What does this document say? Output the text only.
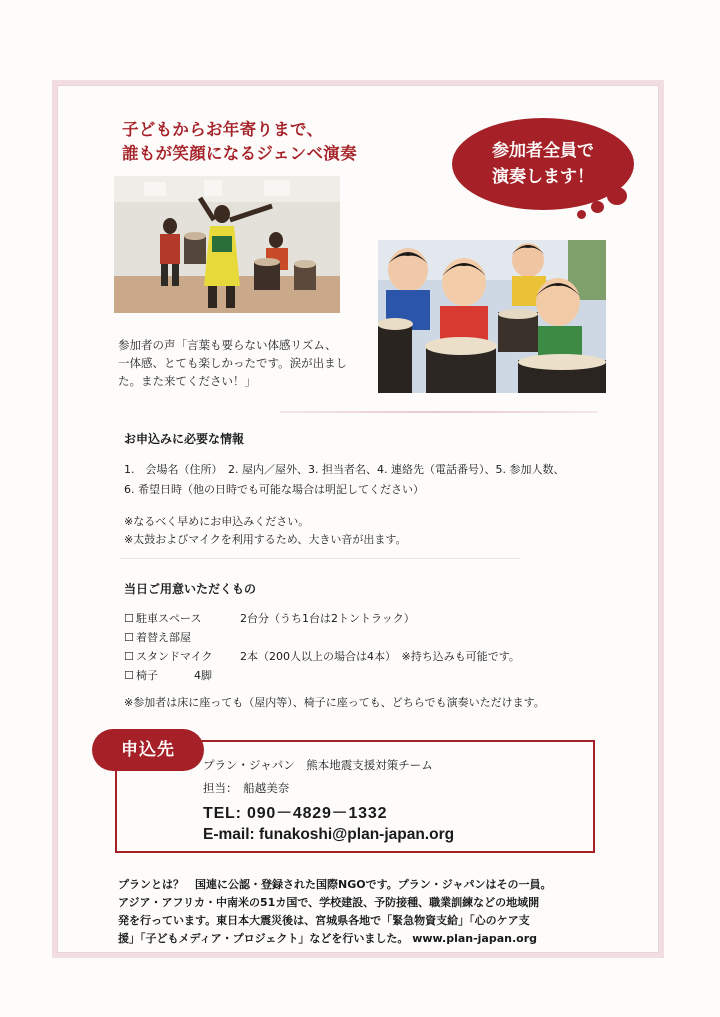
子どもからお年寄りまで、
誰もが笑顔になるジェンベ演奏	参加者全員で
演奏します！
参加者の声「言葉も要らない体感リズム、
一体感、とても楽しかったです。涙が出まし
た。また来てください！」
お申込みに必要な情報
1.　会場名（住所）　2. 屋内／屋外、3. 担当者名、4. 連絡先（電話番号）、5. 参加人数、
6. 希望日時（他の日時でも可能な場合は明記してください）
※なるべく早めにお申込みください。
※太鼓およびマイクを利用するため、大きい音が出ます。
当日ご用意いただくもの
☐ 駐車スペース	2台分（うち1台は2トントラック）
☐ 着替え部屋
☐ スタンドマイク	2本（200人以上の場合は4本）　※持ち込みも可能です。
☐ 椅子	4脚
※参加者は床に座っても（屋内等）、椅子に座っても、どちらでも演奏いただけます。
申込先
プラン・ジャパン　熊本地震支援対策チーム
担当：　船越美奈
TEL: 090－4829－1332
E-mail: funakoshi@plan-japan.org
プランとは？　国連に公認・登録された国際NGOです。プラン・ジャパンはその一員。
アジア・アフリカ・中南米の51カ国で、学校建設、予防接種、職業訓練などの地域開
発を行っています。東日本大震災後は、宮城県各地で「緊急物資支給」「心のケア支
援」「子どもメディア・プロジェクト」などを行いました。 www.plan-japan.org
